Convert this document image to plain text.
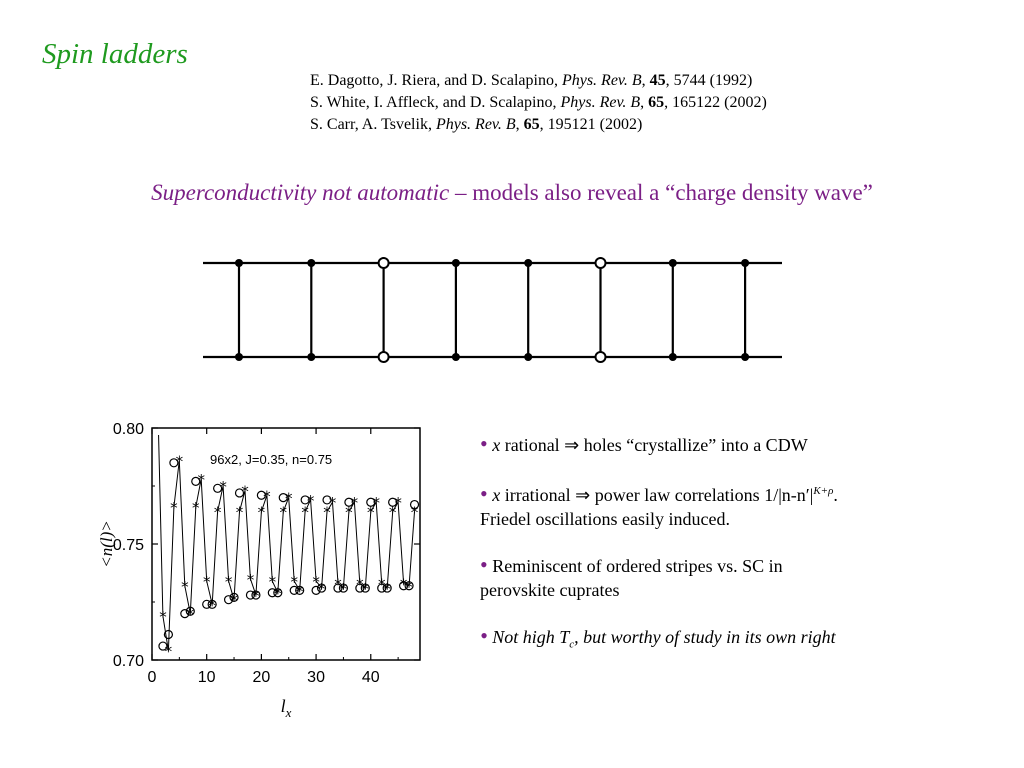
Spin ladders
E. Dagotto, J. Riera, and D. Scalapino, Phys. Rev. B, 45, 5744 (1992)
S. White, I. Affleck, and D. Scalapino, Phys. Rev. B, 65, 165122 (2002)
S. Carr, A. Tsvelik, Phys. Rev. B, 65, 195121 (2002)
Superconductivity not automatic – models also reveal a “charge density wave”
0	10 20 30 40
0.70
0.75
0.80
$l_x$
<n(l)>
96x2, J=0.35, n=0.75
*
*
*
*
*
*
*
*
*
*
*
*
*
*
*
*
*
*
*
*
*
*
*
*
*
*
*
*
*
*
*
*
*
*
*
*
*
*
*
*
*
*
*
*
*
*
*
• x rational ⇒ holes “crystallize” into a CDW
• x irrational ⇒ power law correlations $1/|n-n'|^{K+\rho}$.
Friedel oscillations easily induced.
• Reminiscent of ordered stripes vs. SC in
perovskite cuprates
• Not high $T_c$, but worthy of study in its own right
